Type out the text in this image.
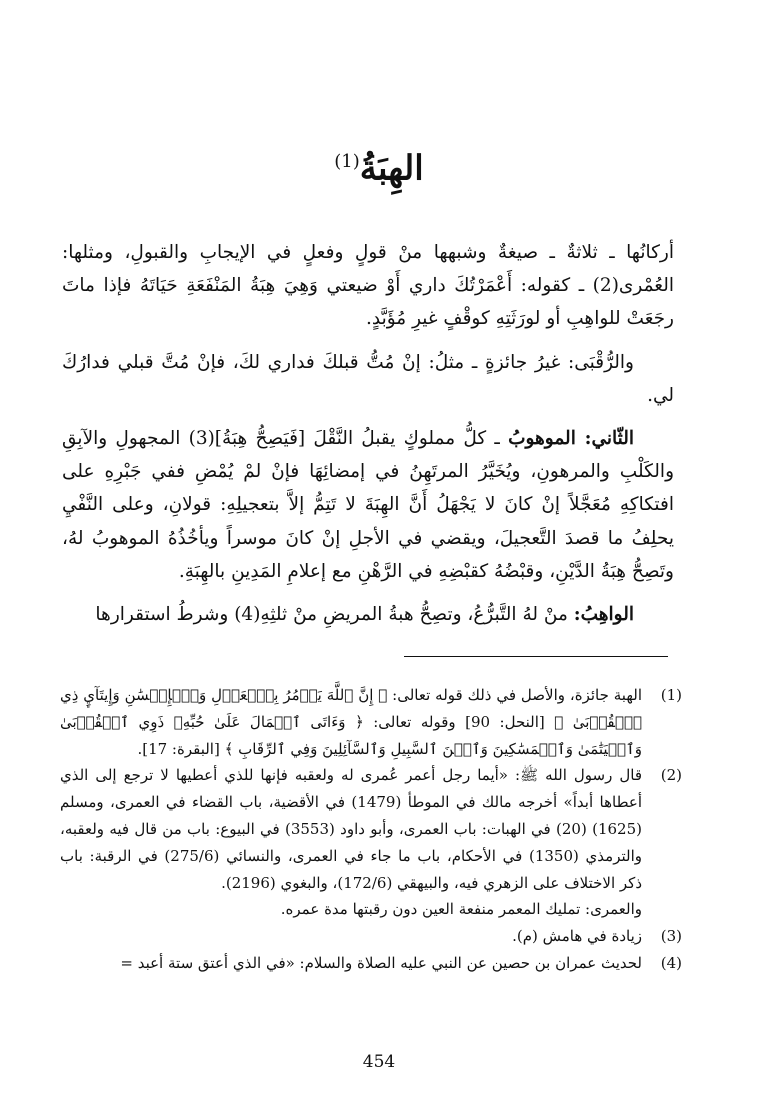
الهِبَةُ$^{(1)}$

أركانُها ـ ثلاثةٌ ـ صيغةٌ وشبهها منْ قولٍ وفعلٍ في الإيجابِ والقبولِ، ومثلها: العُمْرى(2) ـ كقوله: أَعْمَرْتُكَ داري أَوْ ضيعتي وَهِيَ هِبَةُ المَنْفَعَةِ حَيَاتَهُ فإذا ماتَ رجَعَتْ للواهِبِ أو لورَثَتِهِ كوقْفٍ غيرِ مُؤَبَّدٍ.

والرُّقْبَى: غيرُ جائزةٍ ـ مثلُ: إنْ مُتُّ قبلكَ فداري لكَ، فإنْ مُتَّ قبلي فدارُكَ لي.

الثّاني: الموهوبُ ـ كلُّ مملوكٍ يقبلُ النَّقْلَ [فَيَصِحُّ هِبَةُ](3) المجهولِ والآبِقِ والكَلْبِ والمرهونِ، ويُخَيَّرُ المرتَهِنُ في إمضائِهَا فإنْ لمْ يُمْضِ ففي جَبْرِهِ على افتكاكِهِ مُعَجَّلاً إنْ كانَ لا يَجْهَلُ أَنَّ الهِبَةَ لا تَتِمُّ إلاَّ بتعجيلِهِ: قولانِ، وعلى النَّفْيِ يحلِفُ ما قصدَ التَّعجيلَ، ويقضي في الأجلِ إنْ كانَ موسراً ويأخُذُهُ الموهوبُ لهُ، وتَصِحُّ هِبَةُ الدَّيْنِ، وقبْضُهُ كقبْضِهِ في الرَّهْنِ مع إعلامِ المَدِينِ بالهِبَةِ.

الواهِبُ: منْ لهُ التَّبرُّعُ، وتصِحُّ هبةُ المريضِ منْ ثلثِهِ(4) وشرطُ استقرارها

(1)
الهبة جائزة، والأصل في ذلك قوله تعالى: ﴿ إِنَّ ٱللَّهَ يَأۡمُرُ بِٱلۡعَدۡلِ وَٱلۡإِحۡسَٰنِ وَإِيتَآيِٕ ذِي ٱلۡقُرۡبَىٰ ﴾ [النحل: 90] وقوله تعالى: ﴿ وَءَاتَى ٱلۡمَالَ عَلَىٰ حُبِّهِۦ ذَوِي ٱلۡقُرۡبَىٰ وَٱلۡيَتَٰمَىٰ وَٱلۡمَسَٰكِينَ وَٱبۡنَ ٱلسَّبِيلِ وَٱلسَّآئِلِينَ وَفِي ٱلرِّقَابِ ﴾ [البقرة: 17].
(2)
قال رسول الله ﷺ: «أيما رجل أعمر عُمرى له ولعقبه فإنها للذي أعطيها لا ترجع إلى الذي أعطاها أبداً» أخرجه مالك في الموطأ (1479) في الأقضية، باب القضاء في العمرى، ومسلم (1625) (20) في الهبات: باب العمرى، وأبو داود (3553) في البيوع: باب من قال فيه ولعقبه، والترمذي (1350) في الأحكام، باب ما جاء في العمرى، والنسائي (275/6) في الرقبة: باب ذكر الاختلاف على الزهري فيه، والبيهقي (172/6)، والبغوي (2196).
والعمرى: تمليك المعمر منفعة العين دون رقبتها مدة عمره.
(3)
زيادة في هامش (م).
(4)
لحديث عمران بن حصين عن النبي عليه الصلاة والسلام: «في الذي أعتق ستة أعبد =
454
